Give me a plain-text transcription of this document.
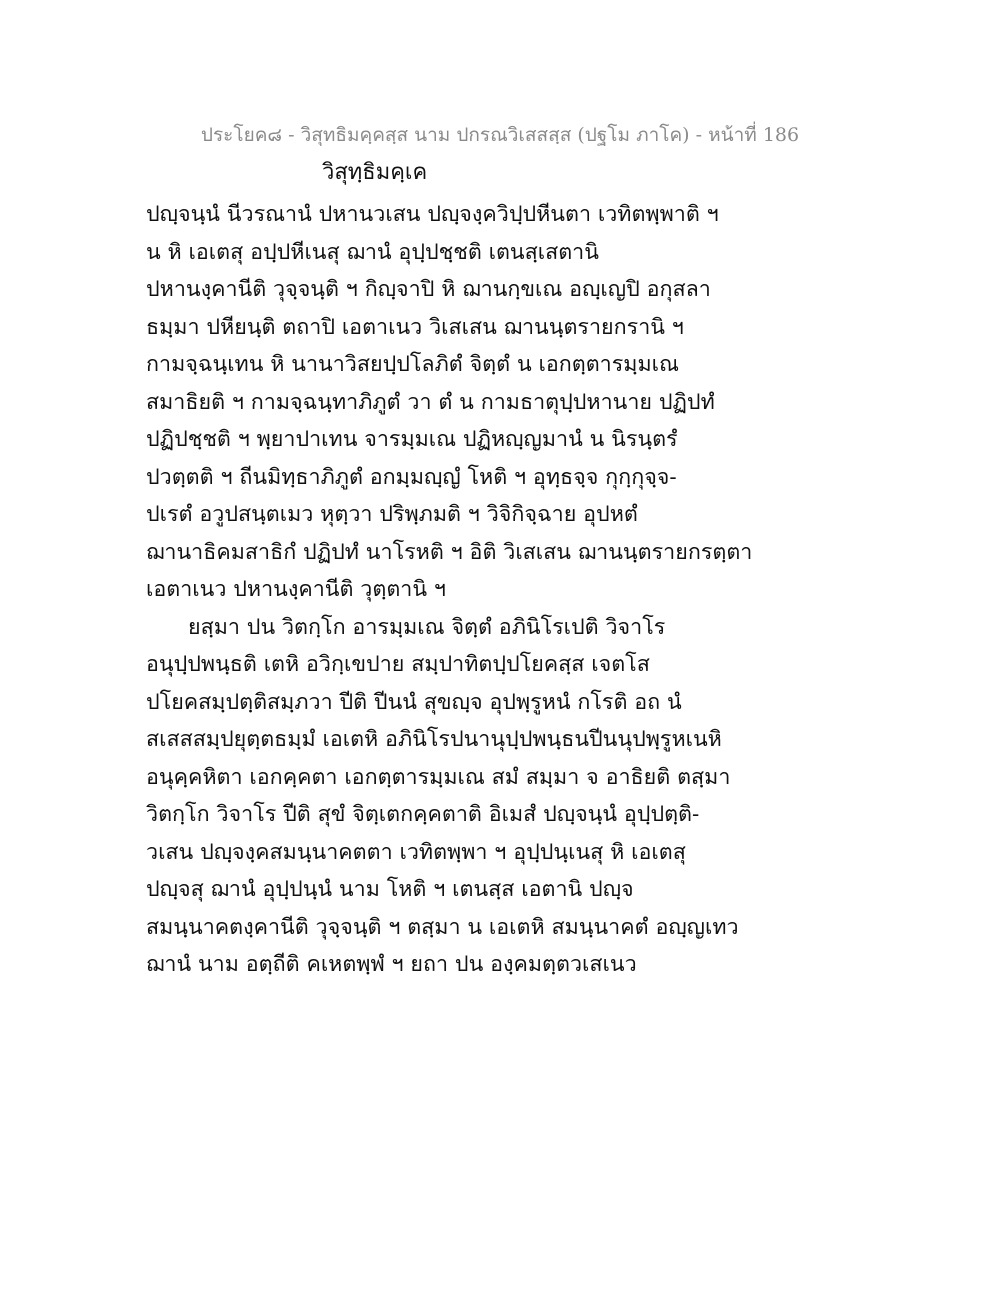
ประโยค๘ - วิสุทธิมคฺคสฺส นาม ปกรณวิเสสสฺส (ปฐโม ภาโค) - หน้าที่ 186
วิสุทฺธิมคฺเค
ปญฺจนฺนํ นีวรณานํ ปหานวเสน ปญฺจงฺควิปฺปหีนตา เวทิตพฺพาติ ฯ
น หิ เอเตสุ อปฺปหีเนสุ ฌานํ อุปฺปชฺชติ เตนสฺเสตานิ
ปหานงฺคานีติ วุจฺจนฺติ ฯ กิญฺจาปิ หิ ฌานกฺขเณ อญฺเญปิ อกุสลา
ธมฺมา ปหียนฺติ ตถาปิ เอตาเนว วิเสเสน ฌานนฺตรายกรานิ ฯ
กามจฺฉนฺเทน หิ นานาวิสยปฺปโลภิตํ จิตฺตํ น เอกตฺตารมฺมเณ
สมาธิยติ ฯ กามจฺฉนฺทาภิภูตํ วา ตํ น กามธาตุปฺปหานาย ปฏิปทํ
ปฏิปชฺชติ ฯ พฺยาปาเทน จารมฺมเณ ปฏิหญฺญมานํ น นิรนฺตรํ
ปวตฺตติ ฯ ถีนมิทฺธาภิภูตํ อกมฺมญฺญํ โหติ ฯ อุทฺธจฺจ กุกฺกุจฺจ-
ปเรตํ อวูปสนฺตเมว หุตฺวา ปริพฺภมติ ฯ วิจิกิจฺฉาย อุปหตํ
ฌานาธิคมสาธิกํ ปฏิปทํ นาโรหติ ฯ อิติ วิเสเสน ฌานนฺตรายกรตฺตา
เอตาเนว ปหานงฺคานีติ วุตฺตานิ ฯ
ยสฺมา ปน วิตกฺโก อารมฺมเณ จิตฺตํ อภินิโรเปติ วิจาโร
อนุปฺปพนฺธติ เตหิ อวิกฺเขปาย สมฺปาทิตปฺปโยคสฺส เจตโส
ปโยคสมฺปตฺติสมฺภวา ปีติ ปีนนํ สุขญฺจ อุปพฺรูหนํ กโรติ อถ นํ
สเสสสมฺปยุตฺตธมฺมํ เอเตหิ อภินิโรปนานุปฺปพนฺธนปีนนุปพฺรูหเนหิ
อนุคฺคหิตา เอกคฺคตา เอกตฺตารมฺมเณ สมํ สมฺมา จ อาธิยติ ตสฺมา
วิตกฺโก วิจาโร ปีติ สุขํ จิตฺเตกคฺคตาติ อิเมสํ ปญฺจนฺนํ อุปฺปตฺติ-
วเสน ปญฺจงฺคสมนฺนาคตตา เวทิตพฺพา ฯ อุปฺปนฺเนสุ หิ เอเตสุ
ปญฺจสุ ฌานํ อุปฺปนฺนํ นาม โหติ ฯ เตนสฺส เอตานิ ปญฺจ
สมนฺนาคตงฺคานีติ วุจฺจนฺติ ฯ ตสฺมา น เอเตหิ สมนฺนาคตํ อญฺญเทว
ฌานํ นาม อตฺถีติ คเหตพฺพํ ฯ ยถา ปน องฺคมตฺตวเสเนว
